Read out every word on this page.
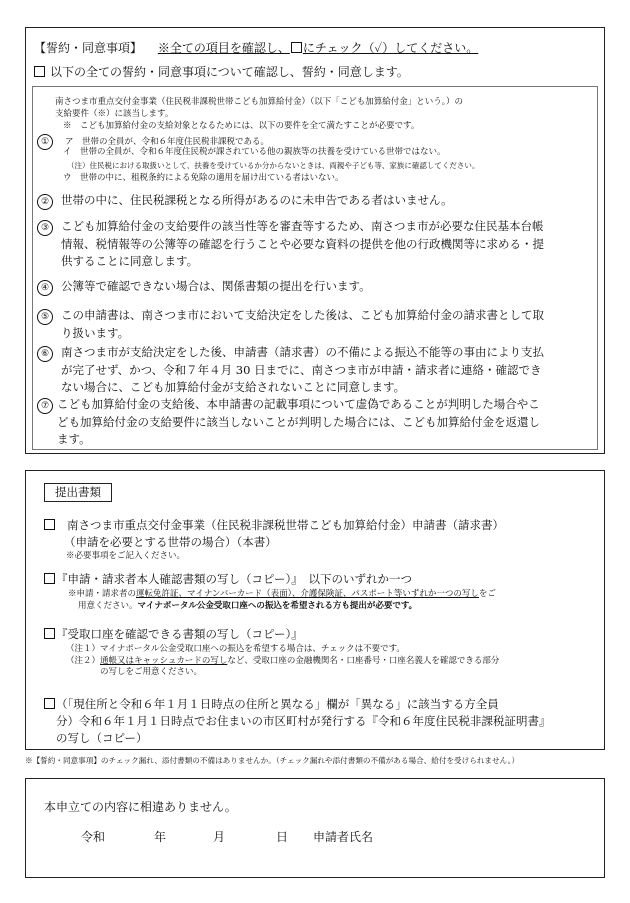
【誓約・同意事項】 ※全ての項目を確認し、 にチェック（✓）してください。
以下の全ての誓約・同意事項について確認し、誓約・同意します。
南さつま市重点交付金事業（住民税非課税世帯こども加算給付金）（以下「こども加算給付金」という。）の
支給要件（※）に該当します。
※　こども加算給付金の支給対象となるためには、以下の要件を全て満たすことが必要です。
① ア　世帯の全員が、令和６年度住民税非課税である。
イ　世帯の全員が、令和６年度住民税が課されている他の親族等の扶養を受けている世帯ではない。
（注）住民税における取扱いとして、扶養を受けているか分からないときは、両親や子ども等、家族に確認してください。
ウ　世帯の中に、租税条約による免除の適用を届け出ている者はいない。
② 世帯の中に、住民税課税となる所得があるのに未申告である者はいません。
③ こども加算給付金の支給要件の該当性等を審査等するため、南さつま市が必要な住民基本台帳
情報、税情報等の公簿等の確認を行うことや必要な資料の提供を他の行政機関等に求める・提
供することに同意します。
④ 公簿等で確認できない場合は、関係書類の提出を行います。
⑤ この申請書は、南さつま市において支給決定をした後は、こども加算給付金の請求書として取
り扱います。
⑥ 南さつま市が支給決定をした後、申請書（請求書）の不備による振込不能等の事由により支払
が完了せず、かつ、令和７年４月 30 日までに、南さつま市が申請・請求者に連絡・確認でき
ない場合に、こども加算給付金が支給されないことに同意します。
⑦ こども加算給付金の支給後、本申請書の記載事項について虚偽であることが判明した場合やこ
ども加算給付金の支給要件に該当しないことが判明した場合には、こども加算給付金を返還し
ます。
提出書類
南さつま市重点交付金事業（住民税非課税世帯こども加算給付金）申請書（請求書）
（申請を必要とする世帯の場合）（本書）
※必要事項をご記入ください。
『申請・請求者本人確認書類の写し（コピー）』　以下のいずれか一つ
※申請・請求者の運転免許証、マイナンバーカード（表面）、介護保険証、パスポート等いずれか一つの写しをご
用意ください。マイナポータル公金受取口座への振込を希望される方も提出が必要です。
『受取口座を確認できる書類の写し（コピー）』
（注１）マイナポータル公金受取口座への振込を希望する場合は、チェックは不要です。
（注２）通帳又はキャッシュカードの写しなど、受取口座の金融機関名・口座番号・口座名義人を確認できる部分
の写しをご用意ください。
（「現住所と令和６年１月１日時点の住所と異なる」欄が「異なる」に該当する方全員
分）令和６年１月１日時点でお住まいの市区町村が発行する『令和６年度住民税非課税証明書』
の写し（コピー）
※【誓約・同意事項】のチェック漏れ、添付書類の不備はありませんか。（チェック漏れや添付書類の不備がある場合、給付を受けられません。）
本申立ての内容に相違ありません。
令和	年	月	日 申請者氏名
